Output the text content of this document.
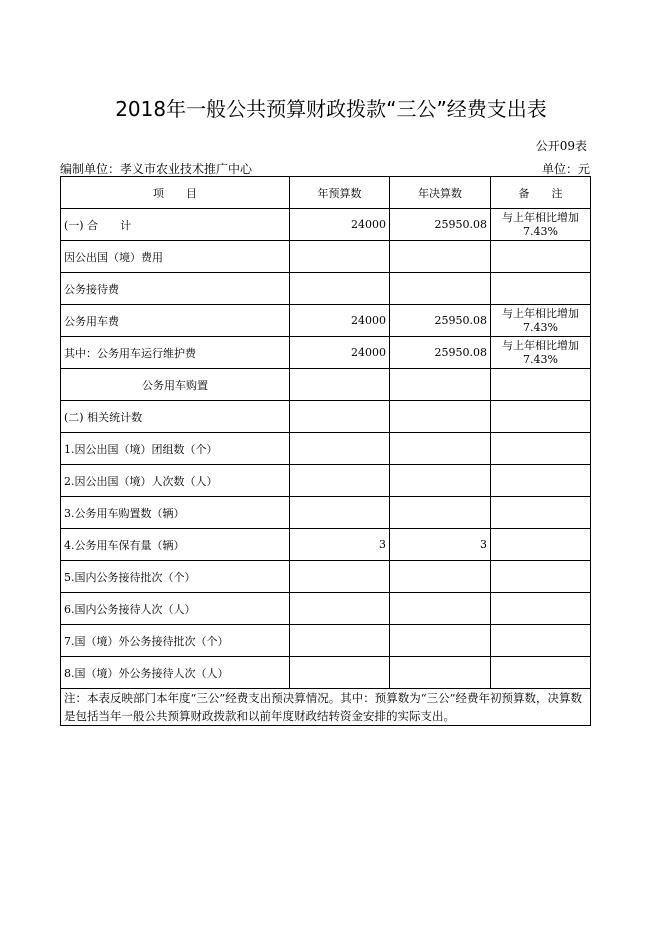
2018年一般公共预算财政拨款“三公”经费支出表
公开09表
编制单位：孝义市农业技术推广中心	单位：元
项　　目	年预算数	年决算数	备　　注
(一) 合　　计	24000	25950.08	与上年相比增加7.43%
因公出国（境）费用			
公务接待费			
公务用车费	24000	25950.08	与上年相比增加7.43%
其中：公务用车运行维护费	24000	25950.08	与上年相比增加7.43%
公务用车购置			
(二) 相关统计数			
1.因公出国（境）团组数（个）			
2.因公出国（境）人次数（人）			
3.公务用车购置数（辆）			
4.公务用车保有量（辆）	3	3	
5.国内公务接待批次（个）			
6.国内公务接待人次（人）			
7.国（境）外公务接待批次（个）			
8.国（境）外公务接待人次（人）			
注：本表反映部门本年度“三公”经费支出预决算情况。其中：预算数为“三公”经费年初预算数，决算数是包括当年一般公共预算财政拨款和以前年度财政结转资金安排的实际支出。			
